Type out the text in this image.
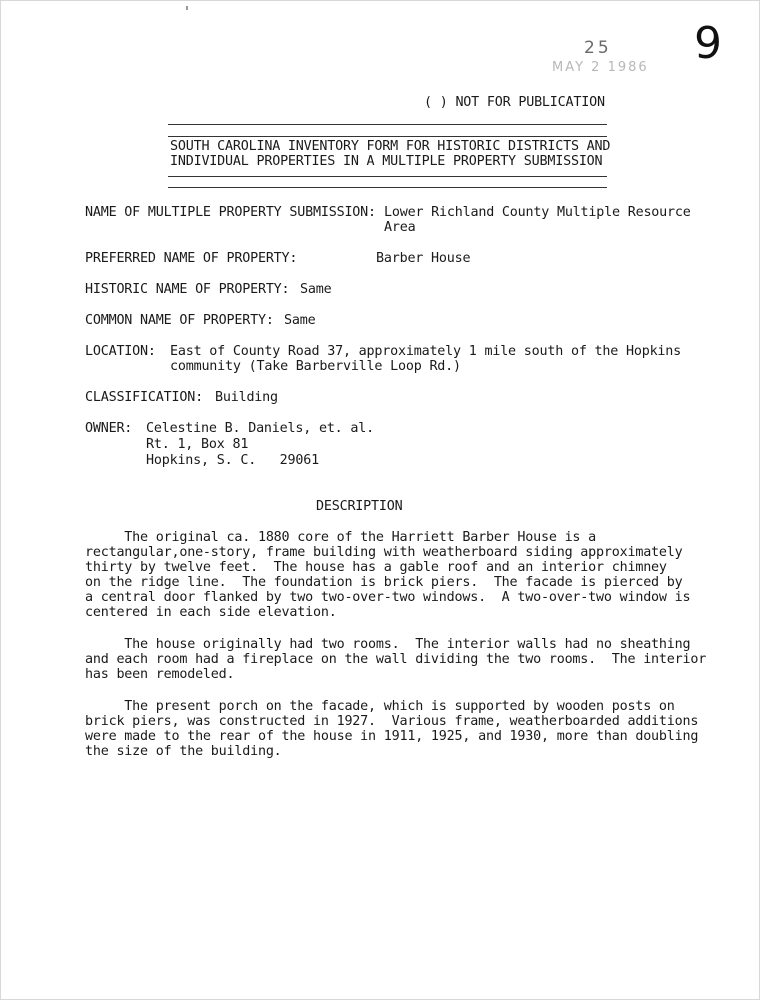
25
MAY 2 1986 9
( ) NOT FOR PUBLICATION
SOUTH CAROLINA INVENTORY FORM FOR HISTORIC DISTRICTS AND
INDIVIDUAL PROPERTIES IN A MULTIPLE PROPERTY SUBMISSION
NAME OF MULTIPLE PROPERTY SUBMISSION: Lower Richland County Multiple Resource
Area
PREFERRED NAME OF PROPERTY:	Barber House
HISTORIC NAME OF PROPERTY: Same
COMMON NAME OF PROPERTY: Same
LOCATION: East of County Road 37, approximately 1 mile south of the Hopkins
community (Take Barberville Loop Rd.)
CLASSIFICATION: Building
OWNER: Celestine B. Daniels, et. al.
Rt. 1, Box 81
Hopkins, S. C.   29061
DESCRIPTION
The original ca. 1880 core of the Harriett Barber House is a
rectangular,one-story, frame building with weatherboard siding approximately
thirty by twelve feet.  The house has a gable roof and an interior chimney
on the ridge line.  The foundation is brick piers.  The facade is pierced by
a central door flanked by two two-over-two windows.  A two-over-two window is
centered in each side elevation.
The house originally had two rooms.  The interior walls had no sheathing
and each room had a fireplace on the wall dividing the two rooms.  The interior
has been remodeled.
The present porch on the facade, which is supported by wooden posts on
brick piers, was constructed in 1927.  Various frame, weatherboarded additions
were made to the rear of the house in 1911, 1925, and 1930, more than doubling
the size of the building.
